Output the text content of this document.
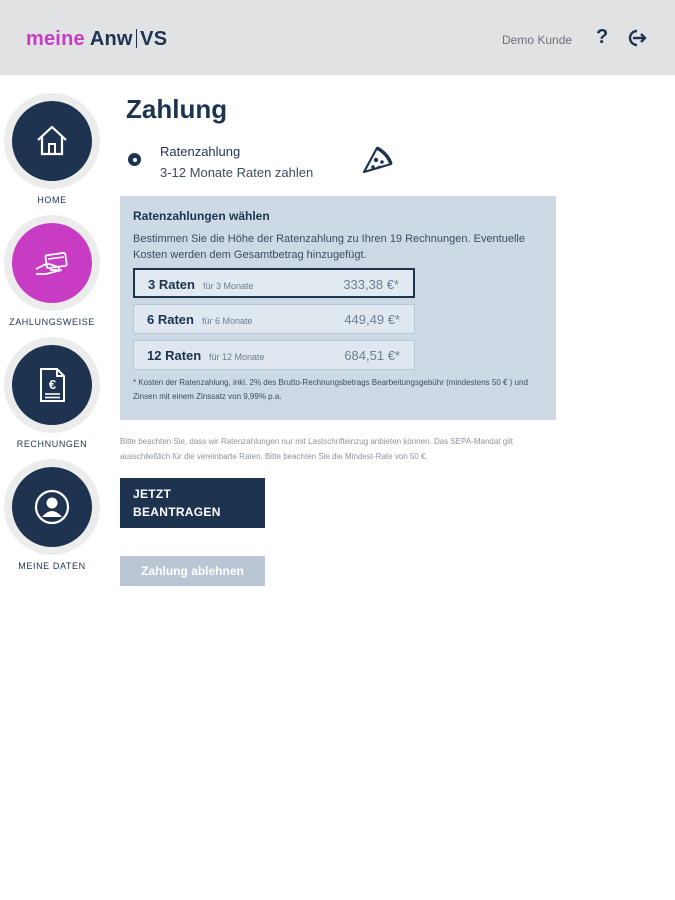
meine Anw VS	Demo Kunde ?
HOME
ZAHLUNGSWEISE
€
RECHNUNGEN
MEINE DATEN
Zahlung
Ratenzahlung
3-12 Monate Raten zahlen
Ratenzahlungen wählen
Bestimmen Sie die Höhe der Ratenzahlung zu Ihren 19 Rechnungen. Eventuelle Kosten werden dem Gesamtbetrag hinzugefügt.
3 Raten für 3 Monate	333,38 €*
6 Raten für 6 Monate	449,49 €*
12 Raten für 12 Monate	684,51 €*
* Kosten der Ratenzahlung, inkl. 2% des Brutto-Rechnungsbetrags Bearbeitungsgebühr (mindestens 50 € ) und Zinsen mit einem Zinssatz von 9,99% p.a.
Bitte beachten Sie, dass wir Ratenzahlungen nur mit Lastschrifteinzug anbieten können. Das SEPA-Mandat gilt ausschließlich für die vereinbarte Raten. Bitte beachten Sie die Mindest-Rate von 50 €.
JETZT BEANTRAGEN
Zahlung ablehnen
